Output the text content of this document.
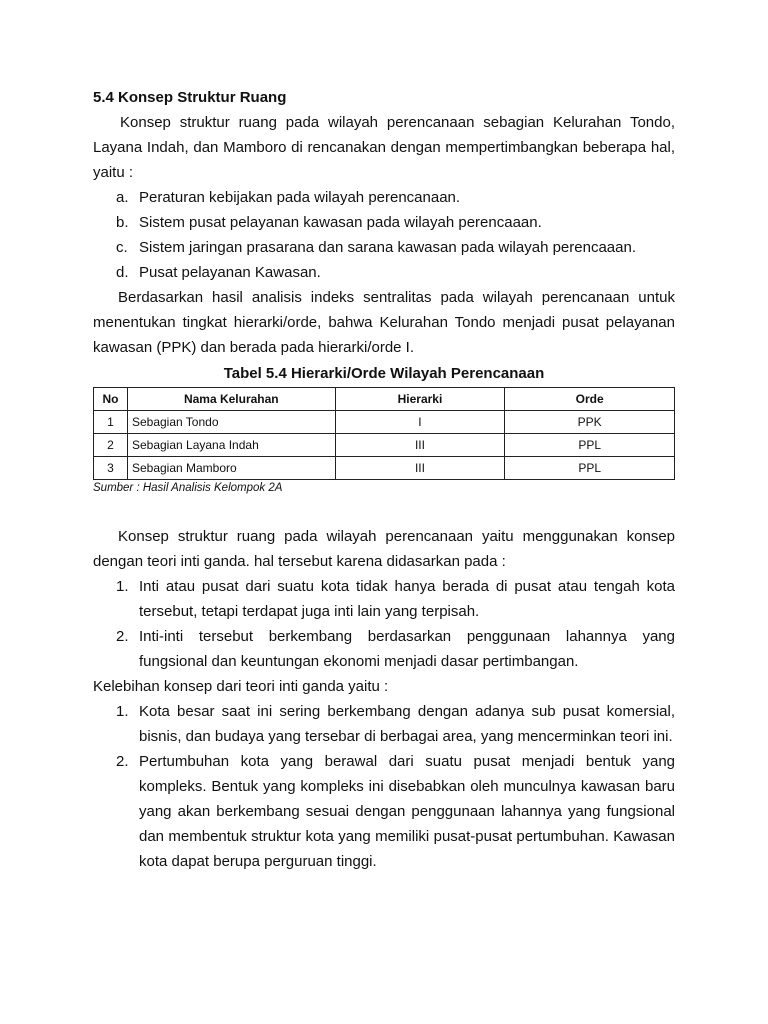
5.4 Konsep Struktur Ruang

Konsep struktur ruang pada wilayah perencanaan sebagian Kelurahan Tondo, Layana Indah, dan Mamboro di rencanakan dengan mempertimbangkan beberapa hal, yaitu :

a. Peraturan kebijakan pada wilayah perencanaan.
b. Sistem pusat pelayanan kawasan pada wilayah perencaaan.
c. Sistem jaringan prasarana dan sarana kawasan pada wilayah perencaaan.
d. Pusat pelayanan Kawasan.

Berdasarkan hasil analisis indeks sentralitas pada wilayah perencanaan untuk menentukan tingkat hierarki/orde, bahwa Kelurahan Tondo menjadi pusat pelayanan kawasan (PPK) dan berada pada hierarki/orde I.

Tabel 5.4 Hierarki/Orde Wilayah Perencanaan

No	Nama Kelurahan	Hierarki	Orde
1	Sebagian Tondo	I	PPK
2	Sebagian Layana Indah	III	PPL
3	Sebagian Mamboro	III	PPL

Sumber : Hasil Analisis Kelompok 2A

Konsep struktur ruang pada wilayah perencanaan yaitu menggunakan konsep dengan teori inti ganda. hal tersebut karena didasarkan pada :

1. Inti atau pusat dari suatu kota tidak hanya berada di pusat atau tengah kota tersebut, tetapi terdapat juga inti lain yang terpisah.
2. Inti-inti tersebut berkembang berdasarkan penggunaan lahannya yang fungsional dan keuntungan ekonomi menjadi dasar pertimbangan.

Kelebihan konsep dari teori inti ganda yaitu :

1. Kota besar saat ini sering berkembang dengan adanya sub pusat komersial, bisnis, dan budaya yang tersebar di berbagai area, yang mencerminkan teori ini.
2. Pertumbuhan kota yang berawal dari suatu pusat menjadi bentuk yang kompleks. Bentuk yang kompleks ini disebabkan oleh munculnya kawasan baru yang akan berkembang sesuai dengan penggunaan lahannya yang fungsional dan membentuk struktur kota yang memiliki pusat-pusat pertumbuhan. Kawasan kota dapat berupa perguruan tinggi.
